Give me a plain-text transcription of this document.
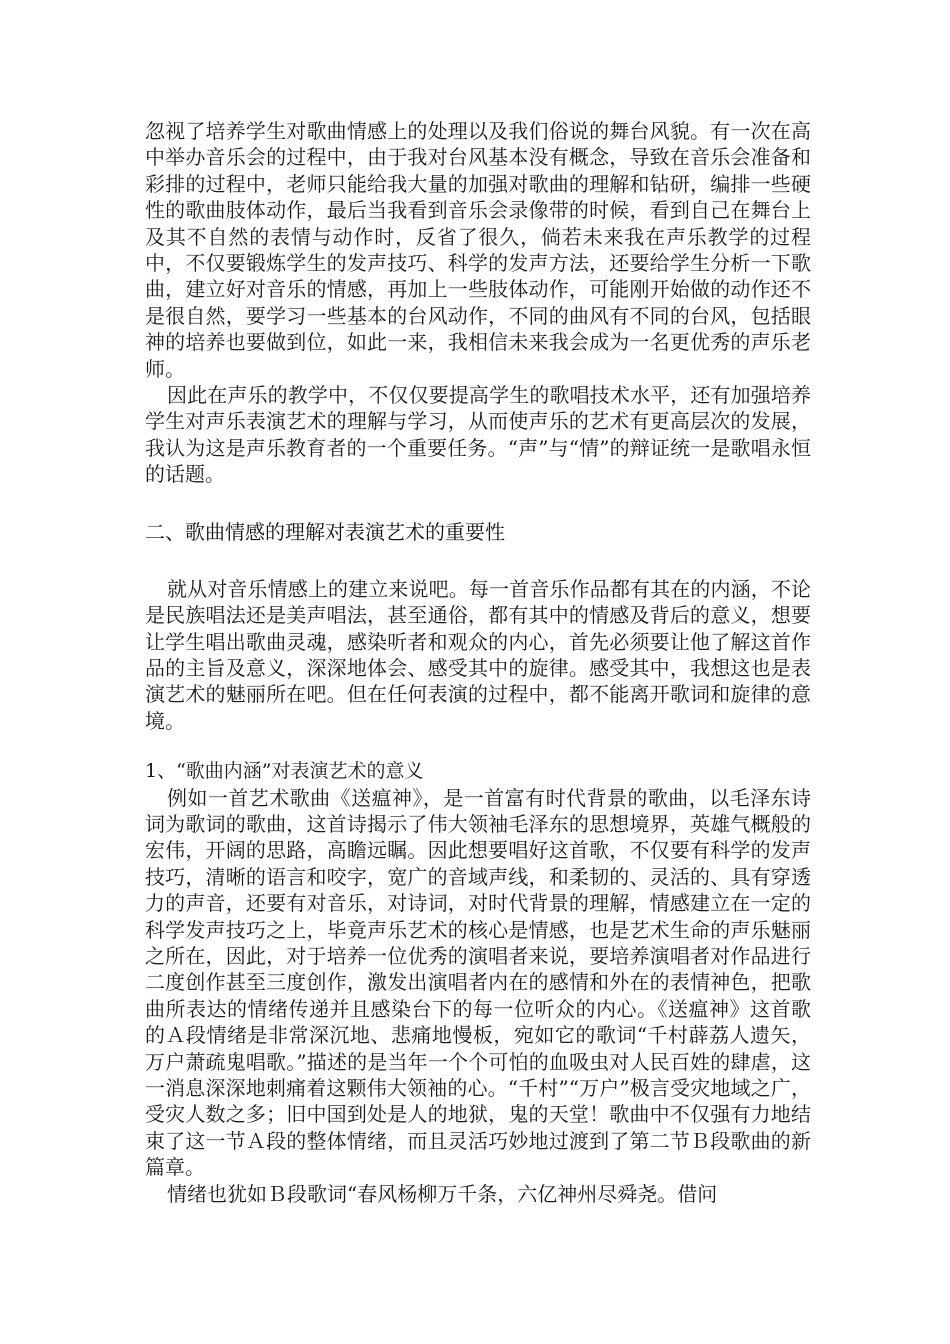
忽视了培养学生对歌曲情感上的处理以及我们俗说的舞台风貌。有一次在高中举办音乐会的过程中，由于我对台风基本没有概念，导致在音乐会准备和彩排的过程中，老师只能给我大量的加强对歌曲的理解和钻研，编排一些硬性的歌曲肢体动作，最后当我看到音乐会录像带的时候，看到自己在舞台上及其不自然的表情与动作时，反省了很久，倘若未来我在声乐教学的过程中，不仅要锻炼学生的发声技巧、科学的发声方法，还要给学生分析一下歌曲，建立好对音乐的情感，再加上一些肢体动作，可能刚开始做的动作还不是很自然，要学习一些基本的台风动作，不同的曲风有不同的台风，包括眼神的培养也要做到位，如此一来，我相信未来我会成为一名更优秀的声乐老师。

因此在声乐的教学中，不仅仅要提高学生的歌唱技术水平，还有加强培养学生对声乐表演艺术的理解与学习，从而使声乐的艺术有更高层次的发展，我认为这是声乐教育者的一个重要任务。“声”与“情”的辩证统一是歌唱永恒的话题。

二、歌曲情感的理解对表演艺术的重要性

就从对音乐情感上的建立来说吧。每一首音乐作品都有其在的内涵，不论是民族唱法还是美声唱法，甚至通俗，都有其中的情感及背后的意义，想要让学生唱出歌曲灵魂，感染听者和观众的内心，首先必须要让他了解这首作品的主旨及意义，深深地体会、感受其中的旋律。感受其中，我想这也是表演艺术的魅丽所在吧。但在任何表演的过程中，都不能离开歌词和旋律的意境。

1、“歌曲内涵”对表演艺术的意义

例如一首艺术歌曲《送瘟神》，是一首富有时代背景的歌曲，以毛泽东诗词为歌词的歌曲，这首诗揭示了伟大领袖毛泽东的思想境界，英雄气概般的宏伟，开阔的思路，高瞻远瞩。因此想要唱好这首歌，不仅要有科学的发声技巧，清晰的语言和咬字，宽广的音域声线，和柔韧的、灵活的、具有穿透力的声音，还要有对音乐，对诗词，对时代背景的理解，情感建立在一定的科学发声技巧之上，毕竟声乐艺术的核心是情感，也是艺术生命的声乐魅丽之所在，因此，对于培养一位优秀的演唱者来说，要培养演唱者对作品进行二度创作甚至三度创作，激发出演唱者内在的感情和外在的表情神色，把歌曲所表达的情绪传递并且感染台下的每一位听众的内心。《送瘟神》这首歌的Ａ段情绪是非常深沉地、悲痛地慢板，宛如它的歌词“千村薜荔人遗矢，万户萧疏鬼唱歌。”描述的是当年一个个可怕的血吸虫对人民百姓的肆虐，这一消息深深地刺痛着这颗伟大领袖的心。“千村”“万户”极言受灾地域之广，受灾人数之多；旧中国到处是人的地狱，鬼的天堂！歌曲中不仅强有力地结束了这一节Ａ段的整体情绪，而且灵活巧妙地过渡到了第二节Ｂ段歌曲的新篇章。

情绪也犹如Ｂ段歌词“春风杨柳万千条，六亿神州尽舜尧。借问
